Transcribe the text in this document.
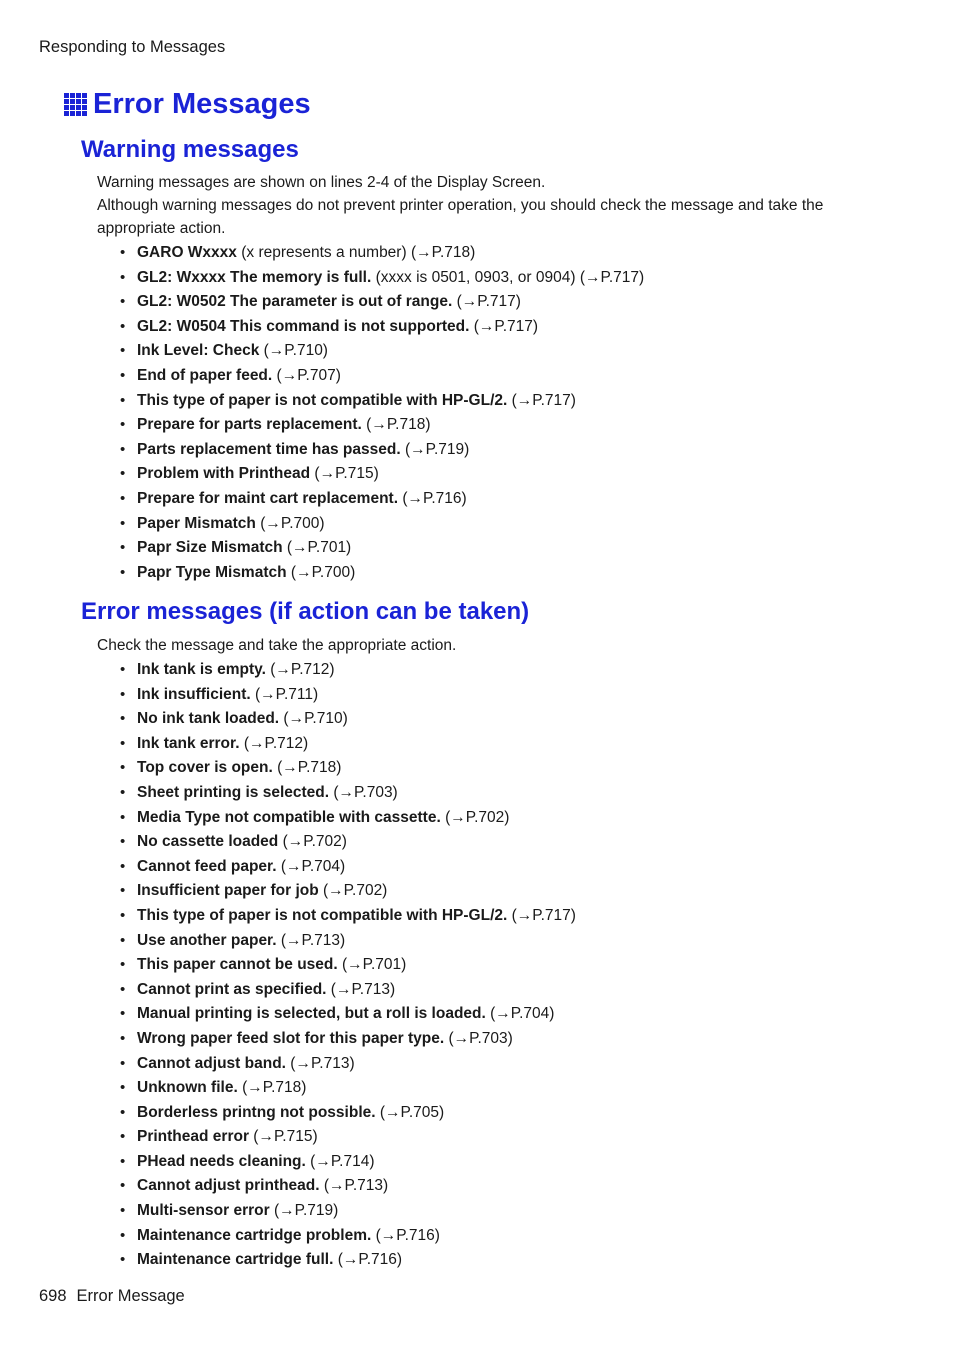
Responding to Messages
Error Messages
Warning messages

Warning messages are shown on lines 2-4 of the Display Screen.

Although warning messages do not prevent printer operation, you should check the message and take the appropriate action.

• GARO Wxxxx (x represents a number) (→P.718)
• GL2: Wxxxx The memory is full. (xxxx is 0501, 0903, or 0904) (→P.717)
• GL2: W0502 The parameter is out of range. (→P.717)
• GL2: W0504 This command is not supported. (→P.717)
• Ink Level: Check (→P.710)
• End of paper feed. (→P.707)
• This type of paper is not compatible with HP-GL/2. (→P.717)
• Prepare for parts replacement. (→P.718)
• Parts replacement time has passed. (→P.719)
• Problem with Printhead (→P.715)
• Prepare for maint cart replacement. (→P.716)
• Paper Mismatch (→P.700)
• Papr Size Mismatch (→P.701)
• Papr Type Mismatch (→P.700)
Error messages (if action can be taken)

Check the message and take the appropriate action.

• Ink tank is empty. (→P.712)
• Ink insufficient. (→P.711)
• No ink tank loaded. (→P.710)
• Ink tank error. (→P.712)
• Top cover is open. (→P.718)
• Sheet printing is selected. (→P.703)
• Media Type not compatible with cassette. (→P.702)
• No cassette loaded (→P.702)
• Cannot feed paper. (→P.704)
• Insufficient paper for job (→P.702)
• This type of paper is not compatible with HP-GL/2. (→P.717)
• Use another paper. (→P.713)
• This paper cannot be used. (→P.701)
• Cannot print as specified. (→P.713)
• Manual printing is selected, but a roll is loaded. (→P.704)
• Wrong paper feed slot for this paper type. (→P.703)
• Cannot adjust band. (→P.713)
• Unknown file. (→P.718)
• Borderless printng not possible. (→P.705)
• Printhead error (→P.715)
• PHead needs cleaning. (→P.714)
• Cannot adjust printhead. (→P.713)
• Multi-sensor error (→P.719)
• Maintenance cartridge problem. (→P.716)
• Maintenance cartridge full. (→P.716)
698 Error Message
